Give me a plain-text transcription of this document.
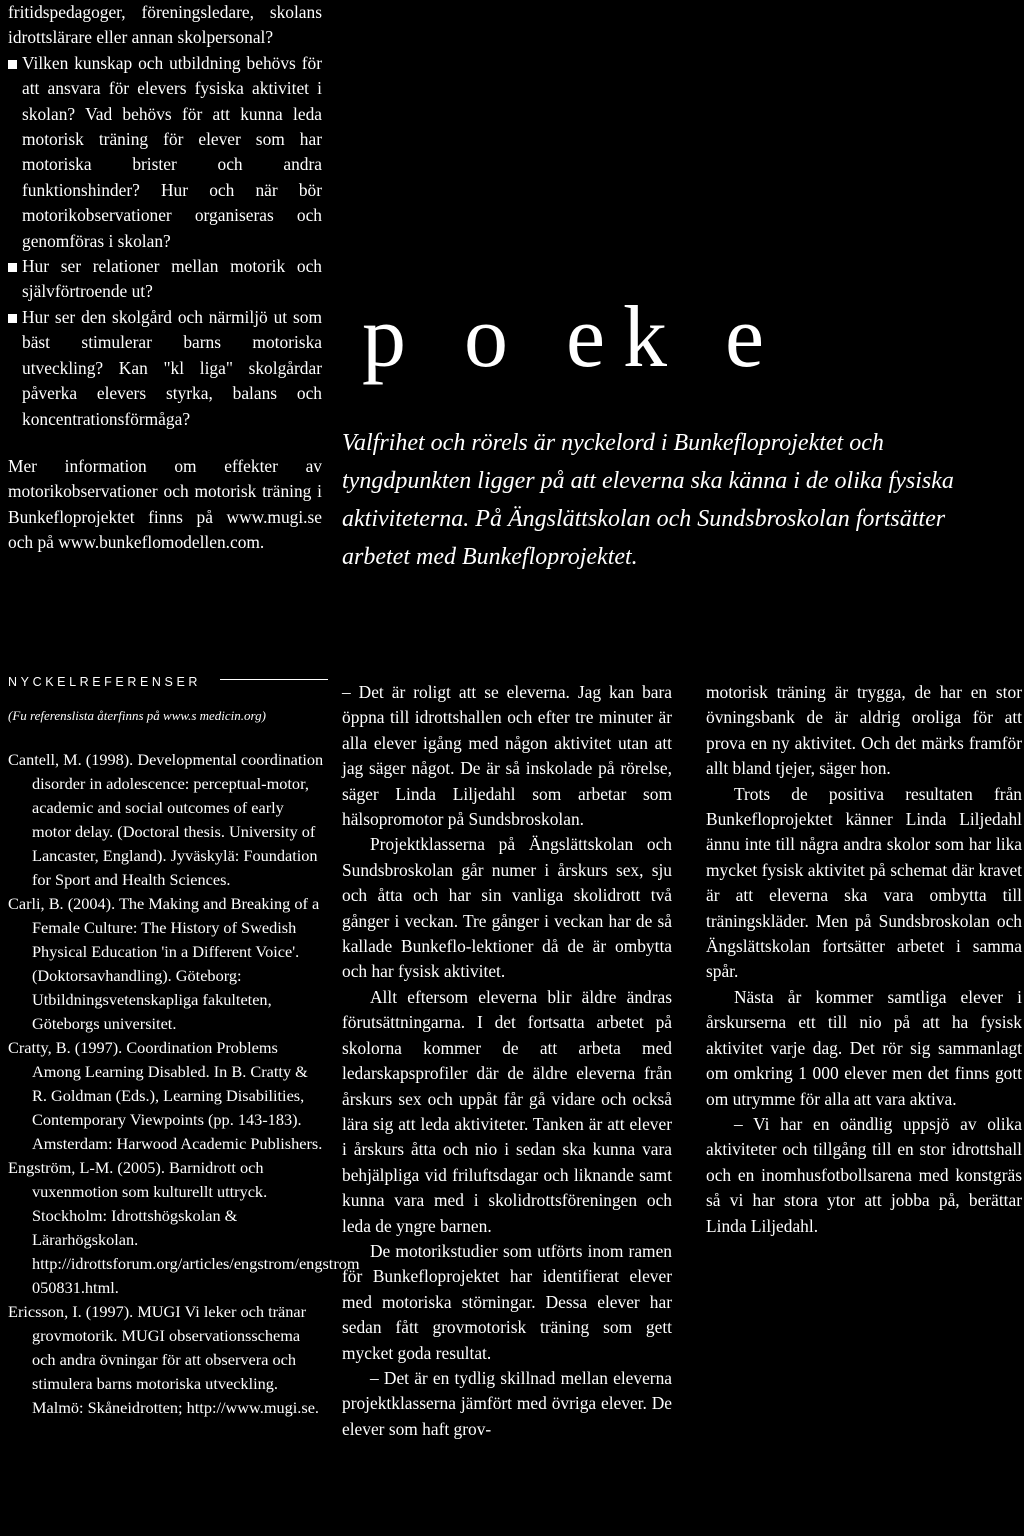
fritidspedagoger, föreningsledare, skolans idrottslärare eller annan skolpersonal?

Vilken kunskap och utbildning behövs för att ansvara för elevers fysiska aktivitet i skolan? Vad behövs för att kunna leda motorisk träning för elever som har motoriska brister och andra funktionshinder? Hur och när bör motorikobservationer organiseras och genomföras i skolan?

Hur ser relationer mellan motorik och självförtroende ut?

Hur ser den skolgård och närmiljö ut som bäst stimulerar barns motoriska utveckling? Kan "kl liga" skolgårdar påverka elevers styrka, balans och koncentrationsförmåga?

Mer information om effekter av motorikobservationer och motorisk träning i Bunkefloprojektet finns på www.mugi.se och på www.bunkeflomodellen.com.

p o ek e
Valfrihet och rörels är nyckelord i Bunkefloprojektet och tyngdpunkten ligger på att eleverna ska känna i de olika fysiska aktiviteterna. På Ängslättskolan och Sundsbroskolan fortsätter arbetet med Bunkefloprojektet.
NYCKELREFERENSER

(Fu referenslista återfinns på www.s medicin.org)

Cantell, M. (1998). Developmental coordination disorder in adolescence: perceptual-motor, academic and social outcomes of early motor delay. (Doctoral thesis. University of Lancaster, England). Jyväskylä: Foundation for Sport and Health Sciences.

Carli, B. (2004). The Making and Breaking of a Female Culture: The History of Swedish Physical Education 'in a Different Voice'. (Doktorsavhandling). Göteborg: Utbildningsvetenskapliga fakulteten, Göteborgs universitet.

Cratty, B. (1997). Coordination Problems Among Learning Disabled. In B. Cratty & R. Goldman (Eds.), Learning Disabilities, Contemporary Viewpoints (pp. 143-183). Amsterdam: Harwood Academic Publishers.

Engström, L-M. (2005). Barnidrott och vuxenmotion som kulturellt uttryck. Stockholm: Idrottshögskolan & Lärarhögskolan. http://idrottsforum.org/articles/engstrom/engstrom 050831.html.

Ericsson, I. (1997). MUGI Vi leker och tränar grovmotorik. MUGI observationsschema och andra övningar för att observera och stimulera barns motoriska utveckling. Malmö: Skåneidrotten; http://www.mugi.se.

– Det är roligt att se eleverna. Jag kan bara öppna till idrottshallen och efter tre minuter är alla elever igång med någon aktivitet utan att jag säger något. De är så inskolade på rörelse, säger Linda Liljedahl som arbetar som hälsopromotor på Sundsbroskolan.

Projektklasserna på Ängslättskolan och Sundsbroskolan går numer i årskurs sex, sju och åtta och har sin vanliga skolidrott två gånger i veckan. Tre gånger i veckan har de så kallade Bunkeflo-lektioner då de är ombytta och har fysisk aktivitet.

Allt eftersom eleverna blir äldre ändras förutsättningarna. I det fortsatta arbetet på skolorna kommer de att arbeta med ledarskapsprofiler där de äldre eleverna från årskurs sex och uppåt får gå vidare och också lära sig att leda aktiviteter. Tanken är att elever i årskurs åtta och nio i sedan ska kunna vara behjälpliga vid friluftsdagar och liknande samt kunna vara med i skolidrottsföreningen och leda de yngre barnen.

De motorikstudier som utförts inom ramen för Bunkefloprojektet har identifierat elever med motoriska störningar. Dessa elever har sedan fått grovmotorisk träning som gett mycket goda resultat.

– Det är en tydlig skillnad mellan eleverna projektklasserna jämfört med övriga elever. De elever som haft grov-

motorisk träning är trygga, de har en stor övningsbank de är aldrig oroliga för att prova en ny aktivitet. Och det märks framför allt bland tjejer, säger hon.

Trots de positiva resultaten från Bunkefloprojektet känner Linda Liljedahl ännu inte till några andra skolor som har lika mycket fysisk aktivitet på schemat där kravet är att eleverna ska vara ombytta till träningskläder. Men på Sundsbroskolan och Ängslättskolan fortsätter arbetet i samma spår.

Nästa år kommer samtliga elever i årskurserna ett till nio på att ha fysisk aktivitet varje dag. Det rör sig sammanlagt om omkring 1 000 elever men det finns gott om utrymme för alla att vara aktiva.

– Vi har en oändlig uppsjö av olika aktiviteter och tillgång till en stor idrottshall och en inomhusfotbollsarena med konstgräs så vi har stora ytor att jobba på, berättar Linda Liljedahl.
